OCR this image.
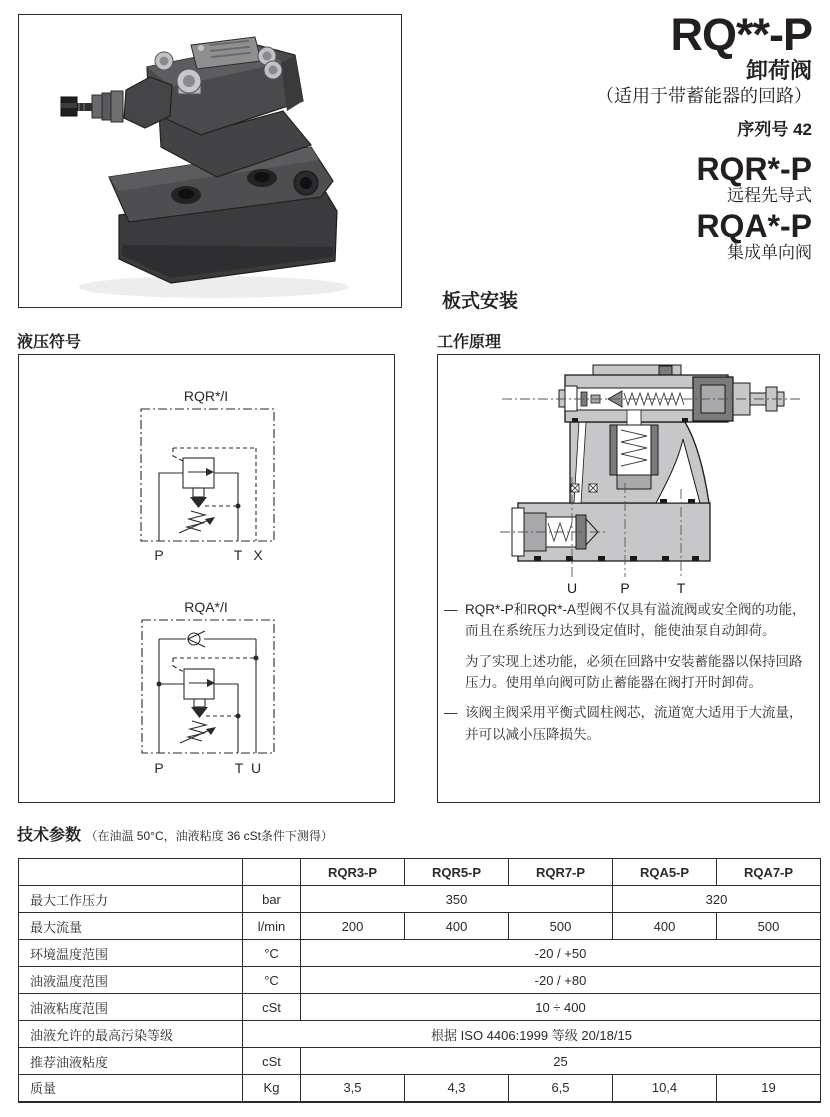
RQ**-P
卸荷阀
（适用于带蓄能器的回路）
序列号 42
RQR*-P
远程先导式
RQA*-P
集成单向阀
板式安装
液压符号
RQR*/I
P	T X
RQA*/I
P	T U
工作原理
U	P	T
— RQR*-P和RQR*-A型阀不仅具有溢流阀或安全阀的功能，而且在系统压力达到设定值时，能使油泵自动卸荷。
为了实现上述功能，必须在回路中安装蓄能器以保持回路压力。使用单向阀可防止蓄能器在阀打开时卸荷。
— 该阀主阀采用平衡式圆柱阀芯，流道宽大适用于大流量，并可以减小压降损失。
技术参数 （在油温 50°C，油液粘度 36 cSt条件下测得）
		RQR3-P	RQR5-P	RQR7-P	RQA5-P	RQA7-P
最大工作压力	bar	350			320	
最大流量	l/min	200	400	500	400	500
环境温度范围	°C	-20 / +50				
油液温度范围	°C	-20 / +80				
油液粘度范围	cSt	10 ÷ 400				
油液允许的最高污染等级	根据 ISO 4406:1999 等级 20/18/15					
推荐油液粘度	cSt	25				
质量	Kg	3,5	4,3	6,5	10,4	19
